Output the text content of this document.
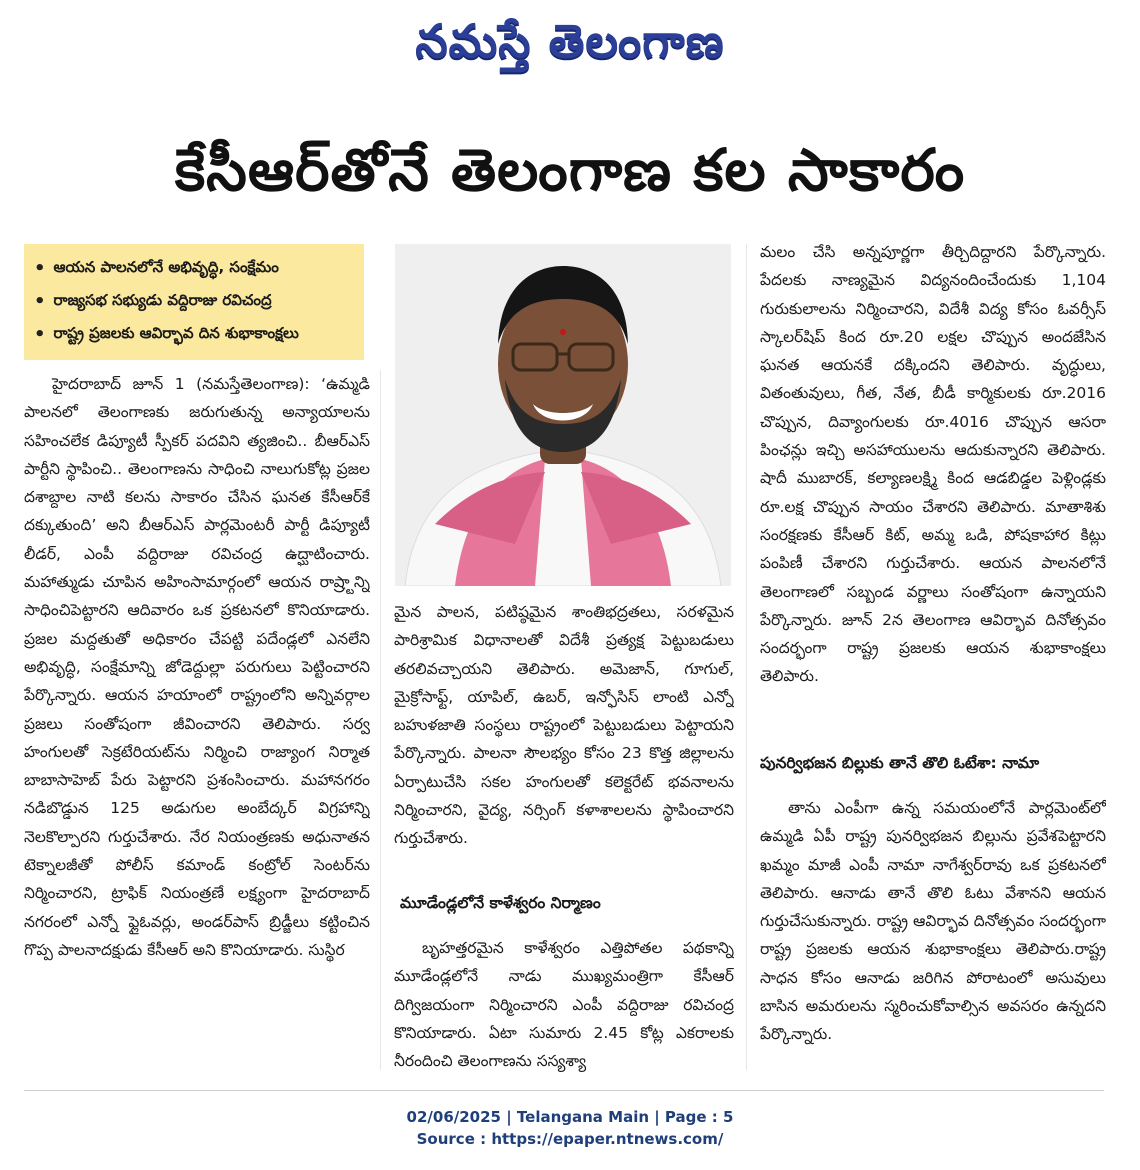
నమస్తే తెలంగాణ
కేసీఆర్‌తోనే తెలంగాణ కల సాకారం
• ఆయన పాలనలోనే అభివృద్ధి, సంక్షేమం
• రాజ్యసభ సభ్యుడు వద్దిరాజు రవిచంద్ర
• రాష్ట్ర ప్రజలకు ఆవిర్భావ దిన శుభాకాంక్షలు

హైదరాబాద్‌ జూన్‌ 1 (నమస్తేతెలంగాణ): ‘ఉమ్మడి పాలనలో తెలంగాణకు జరుగుతున్న అన్యాయాలను సహించలేక డిప్యూటీ స్పీకర్‌ పదవిని త్యజించి.. బీఆర్‌ఎస్‌ పార్టీని స్థాపించి.. తెలంగాణను సాధించి నాలుగుకోట్ల ప్రజల దశాబ్దాల నాటి కలను సాకారం చేసిన ఘనత కేసీఆర్‌కే దక్కుతుంది’ అని బీఆర్‌ఎస్‌ పార్లమెంటరీ పార్టీ డిప్యూటీ లీడర్‌, ఎంపీ వద్దిరాజు రవిచంద్ర ఉద్ఘాటించారు. మహాత్ముడు చూపిన అహింసామార్గంలో ఆయన రాష్ర్టాన్ని సాధించిపెట్టారని ఆదివారం ఒక ప్రకటనలో కొనియాడారు. ప్రజల మద్దతుతో అధికారం చేపట్టి పదేండ్లలో ఎనలేని అభివృద్ధి, సంక్షేమాన్ని జోడెద్దుల్లా పరుగులు పెట్టించారని పేర్కొన్నారు. ఆయన హయాంలో రాష్ట్రంలోని అన్నివర్గాల ప్రజలు సంతోషంగా జీవించారని తెలిపారు. సర్వ హంగులతో సెక్రటేరియట్‌ను నిర్మించి రాజ్యాంగ నిర్మాత బాబాసాహెబ్‌ పేరు పెట్టారని ప్రశంసించారు. మహానగరం నడిబొడ్డున 125 అడుగుల అంబేద్కర్‌ విగ్రహాన్ని నెలకొల్పారని గుర్తుచేశారు. నేర నియంత్రణకు అధునాతన టెక్నాలజీతో పోలీస్‌ కమాండ్‌ కంట్రోల్‌ సెంటర్‌ను నిర్మించారని, ట్రాఫిక్‌ నియంత్రణే లక్ష్యంగా హైదరాబాద్‌ నగరంలో ఎన్నో ఫ్లైఓవర్లు, అండర్‌పాస్‌ బ్రిడ్జీలు కట్టించిన గొప్ప పాలనాదక్షుడు కేసీఆర్‌ అని కొనియాడారు. సుస్థిర

మైన పాలన, పటిష్ఠమైన శాంతిభద్రతలు, సరళమైన పారిశ్రామిక విధానాలతో విదేశీ ప్రత్యక్ష పెట్టుబడులు తరలివచ్చాయని తెలిపారు. అమెజాన్‌, గూగుల్‌, మైక్రోసాఫ్ట్‌, యాపిల్‌, ఉబర్‌, ఇన్ఫోసిస్‌ లాంటి ఎన్నో బహుళజాతి సంస్థలు రాష్ట్రంలో పెట్టుబడులు పెట్టాయని పేర్కొన్నారు. పాలనా సౌలభ్యం కోసం 23 కొత్త జిల్లాలను ఏర్పాటుచేసి సకల హంగులతో కలెక్టరేట్‌ భవనాలను నిర్మించారని, వైద్య, నర్సింగ్‌ కళాశాలలను స్థాపించారని గుర్తుచేశారు.

మూడేండ్లలోనే కాళేశ్వరం నిర్మాణం

బృహత్తరమైన కాళేశ్వరం ఎత్తిపోతల పథకాన్ని మూడేండ్లలోనే నాడు ముఖ్యమంత్రిగా కేసీఆర్‌ దిగ్విజయంగా నిర్మించారని ఎంపీ వద్దిరాజు రవిచంద్ర కొనియాడారు. ఏటా సుమారు 2.45 కోట్ల ఎకరాలకు నీరందించి తెలంగాణను సస్యశ్యా

మలం చేసి అన్నపూర్ణగా తీర్చిదిద్దారని పేర్కొన్నారు. పేదలకు నాణ్యమైన విద్యనందించేందుకు 1,104 గురుకులాలను నిర్మించారని, విదేశీ విద్య కోసం ఓవర్సీస్‌ స్కాలర్‌షిప్‌ కింద రూ.20 లక్షల చొప్పున అందజేసిన ఘనత ఆయనకే దక్కిందని తెలిపారు. వృద్ధులు, వితంతువులు, గీత, నేత, బీడీ కార్మికులకు రూ.2016 చొప్పున, దివ్యాంగులకు రూ.4016 చొప్పున ఆసరా పింఛన్లు ఇచ్చి అసహాయులను ఆదుకున్నారని తెలిపారు. షాదీ ముబారక్‌, కల్యాణలక్ష్మి కింద ఆడబిడ్డల పెళ్లిండ్లకు రూ.లక్ష చొప్పున సాయం చేశారని తెలిపారు. మాతాశిశు సంరక్షణకు కేసీఆర్‌ కిట్‌, అమ్మ ఒడి, పోషకాహార కిట్లు పంపిణీ చేశారని గుర్తుచేశారు. ఆయన పాలనలోనే తెలంగాణలో సబ్బండ వర్ణాలు సంతోషంగా ఉన్నాయని పేర్కొన్నారు. జూన్‌ 2న తెలంగాణ ఆవిర్భావ దినోత్సవం సందర్భంగా రాష్ట్ర ప్రజలకు ఆయన శుభాకాంక్షలు తెలిపారు.

పునర్విభజన బిల్లుకు తానే తొలి ఓటేశా: నామా

తాను ఎంపీగా ఉన్న సమయంలోనే పార్లమెంట్‌లో ఉమ్మడి ఏపీ రాష్ట్ర పునర్విభజన బిల్లును ప్రవేశపెట్టారని ఖమ్మం మాజీ ఎంపీ నామా నాగేశ్వర్‌రావు ఒక ప్రకటనలో తెలిపారు. ఆనాడు తానే తొలి ఓటు వేశానని ఆయన గుర్తుచేసుకున్నారు. రాష్ట్ర ఆవిర్భావ దినోత్సవం సందర్భంగా రాష్ట్ర ప్రజలకు ఆయన శుభాకాంక్షలు తెలిపారు.రాష్ట్ర సాధన కోసం ఆనాడు జరిగిన పోరాటంలో అసువులు బాసిన అమరులను స్మరించుకోవాల్సిన అవసరం ఉన్నదని పేర్కొన్నారు.

02/06/2025 | Telangana Main | Page : 5
Source : https://epaper.ntnews.com/
